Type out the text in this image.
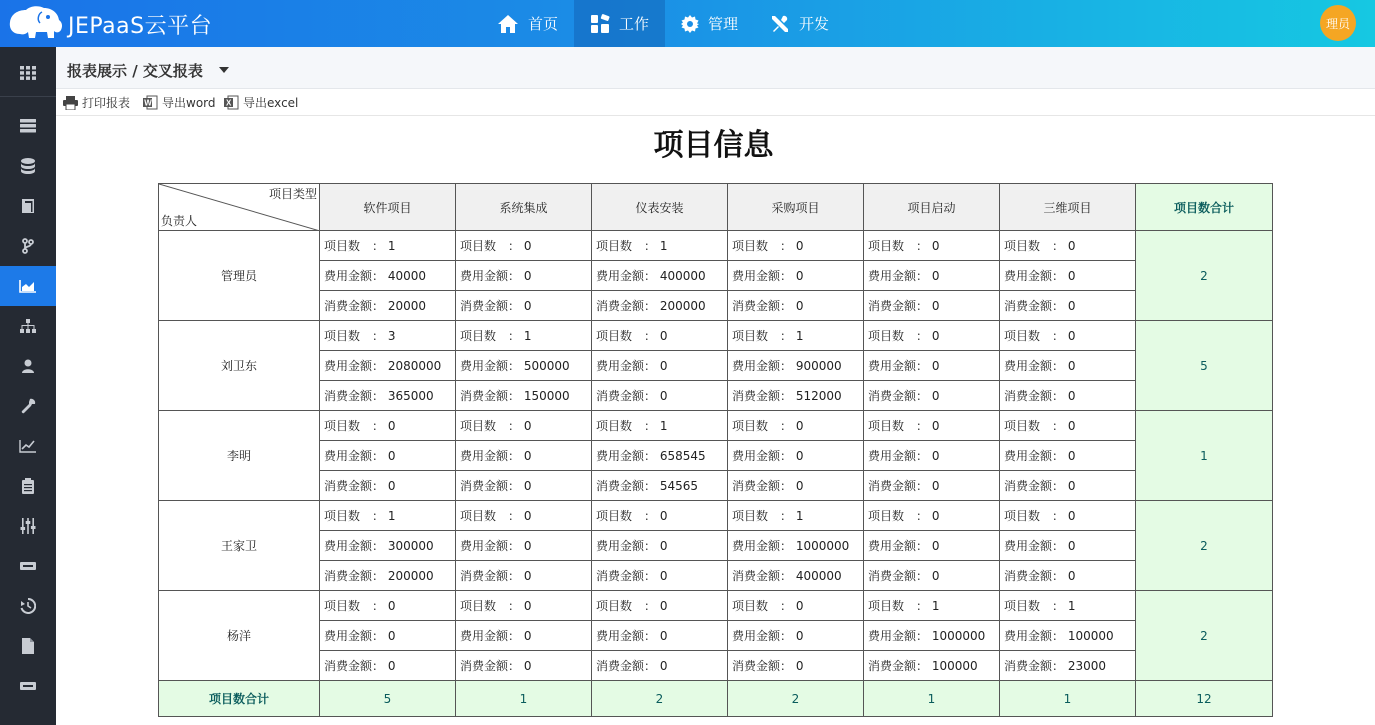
JEPaaS云平台	首页	工作	管理	开发	理员
报表展示 / 交叉报表
打印报表 W 导出word X 导出excel
项目信息
项目类型
负责人	软件项目	系统集成	仪表安装	采购项目	项目启动	三维项目	项目数合计
管理员	项目数　： 1	项目数　： 0	项目数　： 1	项目数　： 0	项目数　： 0	项目数　： 0	2
	费用金额： 40000	费用金额： 0	费用金额： 400000	费用金额： 0	费用金额： 0	费用金额： 0	
	消费金额： 20000	消费金额： 0	消费金额： 200000	消费金额： 0	消费金额： 0	消费金额： 0	
刘卫东	项目数　： 3	项目数　： 1	项目数　： 0	项目数　： 1	项目数　： 0	项目数　： 0	5
	费用金额： 2080000	费用金额： 500000	费用金额： 0	费用金额： 900000	费用金额： 0	费用金额： 0	
	消费金额： 365000	消费金额： 150000	消费金额： 0	消费金额： 512000	消费金额： 0	消费金额： 0	
李明	项目数　： 0	项目数　： 0	项目数　： 1	项目数　： 0	项目数　： 0	项目数　： 0	1
	费用金额： 0	费用金额： 0	费用金额： 658545	费用金额： 0	费用金额： 0	费用金额： 0	
	消费金额： 0	消费金额： 0	消费金额： 54565	消费金额： 0	消费金额： 0	消费金额： 0	
王家卫	项目数　： 1	项目数　： 0	项目数　： 0	项目数　： 1	项目数　： 0	项目数　： 0	2
	费用金额： 300000	费用金额： 0	费用金额： 0	费用金额： 1000000	费用金额： 0	费用金额： 0	
	消费金额： 200000	消费金额： 0	消费金额： 0	消费金额： 400000	消费金额： 0	消费金额： 0	
杨洋	项目数　： 0	项目数　： 0	项目数　： 0	项目数　： 0	项目数　： 1	项目数　： 1	2
	费用金额： 0	费用金额： 0	费用金额： 0	费用金额： 0	费用金额： 1000000	费用金额： 100000	
	消费金额： 0	消费金额： 0	消费金额： 0	消费金额： 0	消费金额： 100000	消费金额： 23000	
项目数合计	5	1	2	2	1	1	12
